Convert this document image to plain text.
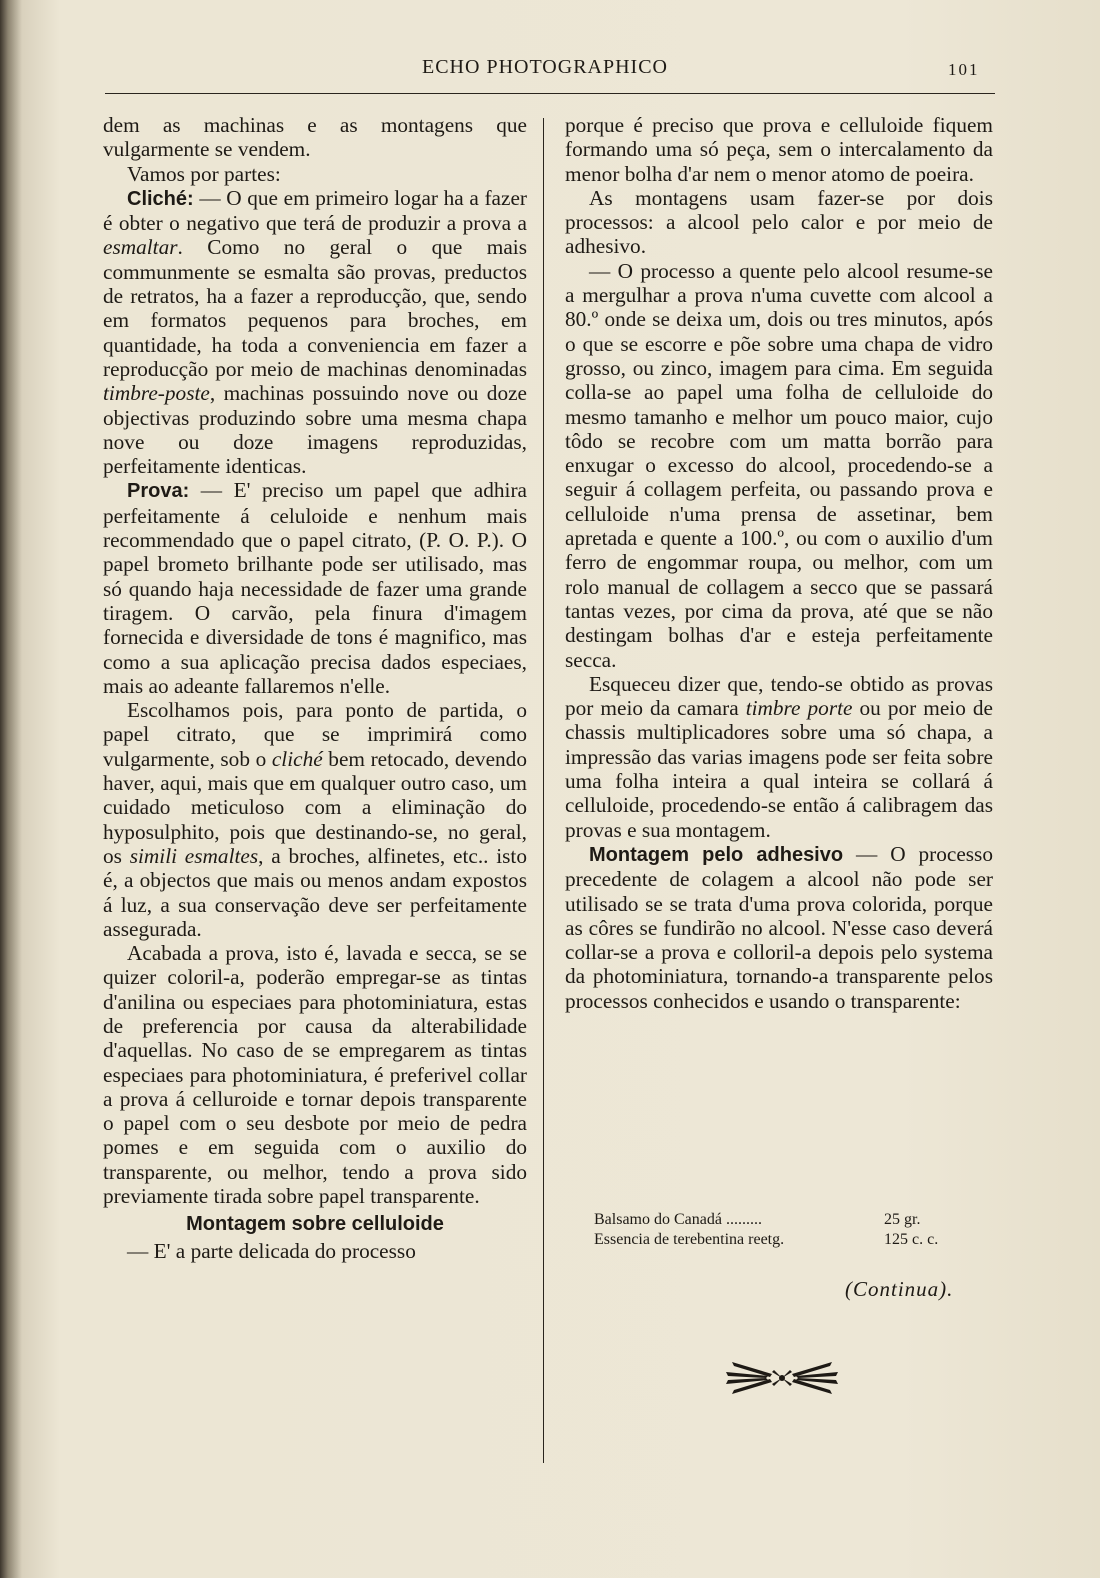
ECHO PHOTOGRAPHICO	101

dem as machinas e as montagens que vulgarmente se vendem.

Vamos por partes:

Cliché: — O que em primeiro logar ha a fazer é obter o negativo que terá de produzir a prova a esmaltar. Como no geral o que mais communmente se esmalta são provas, preductos de retratos, ha a fazer a reproducção, que, sendo em formatos pequenos para broches, em quantidade, ha toda a conveniencia em fazer a reproducção por meio de machinas denominadas timbre-poste, machinas possuindo nove ou doze objectivas produzindo sobre uma mesma chapa nove ou doze imagens reproduzidas, perfeitamente identicas.

Prova: — E' preciso um papel que adhira perfeitamente á celuloide e nenhum mais recommendado que o papel citrato, (P. O. P.). O papel brometo brilhante pode ser utilisado, mas só quando haja necessidade de fazer uma grande tiragem. O carvão, pela finura d'imagem fornecida e diversidade de tons é magnifico, mas como a sua aplicação precisa dados especiaes, mais ao adeante fallaremos n'elle.

Escolhamos pois, para ponto de partida, o papel citrato, que se imprimirá como vulgarmente, sob o cliché bem retocado, devendo haver, aqui, mais que em qualquer outro caso, um cuidado meticuloso com a eliminação do hyposulphito, pois que destinando-se, no geral, os simili esmaltes, a broches, alfinetes, etc.. isto é, a objectos que mais ou menos andam expostos á luz, a sua conservação deve ser perfeitamente assegurada.

Acabada a prova, isto é, lavada e secca, se se quizer coloril-a, poderão empregar-se as tintas d'anilina ou especiaes para photominiatura, estas de preferencia por causa da alterabilidade d'aquellas. No caso de se empregarem as tintas especiaes para photominiatura, é preferivel collar a prova á celluroide e tornar depois transparente o papel com o seu desbote por meio de pedra pomes e em seguida com o auxilio do transparente, ou melhor, tendo a prova sido previamente tirada sobre papel transparente.

Montagem sobre celluloide

— E' a parte delicada do processo

porque é preciso que prova e celluloide fiquem formando uma só peça, sem o intercalamento da menor bolha d'ar nem o menor atomo de poeira.

As montagens usam fazer-se por dois processos: a alcool pelo calor e por meio de adhesivo.

— O processo a quente pelo alcool resume-se a mergulhar a prova n'uma cuvette com alcool a 80.º onde se deixa um, dois ou tres minutos, após o que se escorre e põe sobre uma chapa de vidro grosso, ou zinco, imagem para cima. Em seguida colla-se ao papel uma folha de celluloide do mesmo tamanho e melhor um pouco maior, cujo tôdo se recobre com um matta borrão para enxugar o excesso do alcool, procedendo-se a seguir á collagem perfeita, ou passando prova e celluloide n'uma prensa de assetinar, bem apretada e quente a 100.º, ou com o auxilio d'um ferro de engommar roupa, ou melhor, com um rolo manual de collagem a secco que se passará tantas vezes, por cima da prova, até que se não destingam bolhas d'ar e esteja perfeitamente secca.

Esqueceu dizer que, tendo-se obtido as provas por meio da camara timbre porte ou por meio de chassis multiplicadores sobre uma só chapa, a impressão das varias imagens pode ser feita sobre uma folha inteira a qual inteira se collará á celluloide, procedendo-se então á calibragem das provas e sua montagem.

Montagem pelo adhesivo — O processo precedente de colagem a alcool não pode ser utilisado se se trata d'uma prova colorida, porque as côres se fundirão no alcool. N'esse caso deverá collar-se a prova e colloril-a depois pelo systema da photominiatura, tornando-a transparente pelos processos conhecidos e usando o transparente:

Balsamo do Canadá .........	25 gr.
Essencia de terebentina reetg.	125 c. c.
(Continua).
